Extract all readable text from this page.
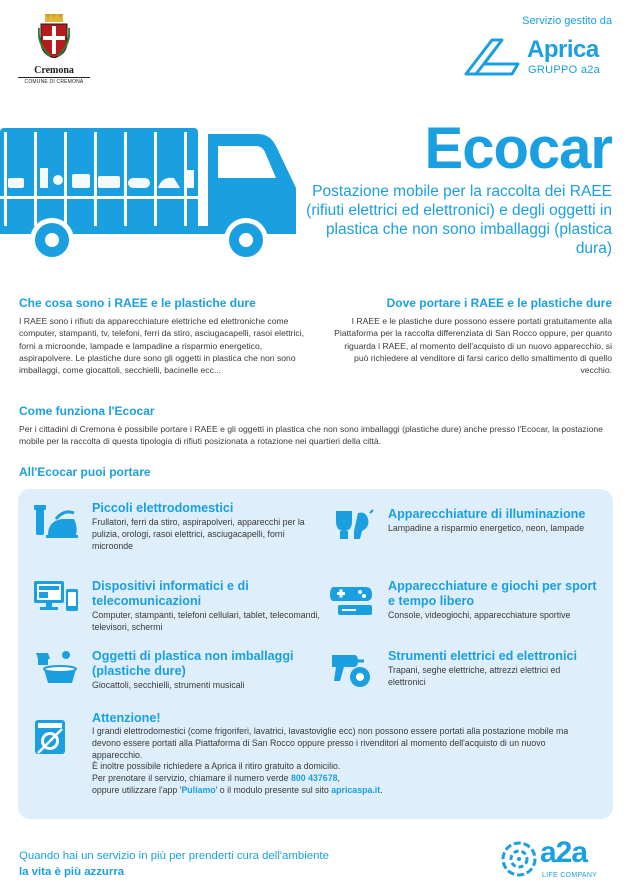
Cremona
COMUNE DI CREMONA
Servizio gestito da
Aprica
GRUPPO a2a
Ecocar
Postazione mobile per la raccolta dei RAEE (rifiuti elettrici ed elettronici) e degli oggetti in plastica che non sono imballaggi (plastica dura)
Che cosa sono i RAEE e le plastiche dure
I RAEE sono i rifiuti da apparecchiature elettriche ed elettroniche come computer, stampanti, tv, telefoni, ferri da stiro, asciugacapelli, rasoi elettrici, forni a microonde, lampade e lampadine a risparmio energetico, aspirapolvere. Le plastiche dure sono gli oggetti in plastica che non sono imballaggi, come giocattoli, secchielli, bacinelle ecc...
Dove portare i RAEE e le plastiche dure
I RAEE e le plastiche dure possono essere portati gratuitamente alla Piattaforma per la raccolta differenziata di San Rocco oppure, per quanto riguarda i RAEE, al momento dell'acquisto di un nuovo apparecchio, si può richiedere al venditore di farsi carico dello smaltimento di quello vecchio.
Come funziona l'Ecocar
Per i cittadini di Cremona è possibile portare i RAEE e gli oggetti in plastica che non sono imballaggi (plastiche dure) anche presso l'Ecocar, la postazione mobile per la raccolta di questa tipologia di rifiuti posizionata a rotazione nei quartieri della città.
All'Ecocar puoi portare
Piccoli elettrodomestici
Frullatori, ferri da stiro, aspirapolveri, apparecchi per la pulizia, orologi, rasoi elettrici, asciugacapelli, forni microonde
Apparecchiature di illuminazione
Lampadine a risparmio energetico, neon, lampade
Dispositivi informatici e di telecomunicazioni
Computer, stampanti, telefoni cellulari, tablet, telecomandi, televisori, schermi
Apparecchiature e giochi per sport e tempo libero
Console, videogiochi, apparecchiature sportive
Oggetti di plastica non imballaggi (plastiche dure)
Giocattoli, secchielli, strumenti musicali
Strumenti elettrici ed elettronici
Trapani, seghe elettriche, attrezzi elettrici ed elettronici
Attenzione!
I grandi elettrodomestici (come frigoriferi, lavatrici, lavastoviglie ecc) non possono essere portati alla postazione mobile ma devono essere portati alla Piattaforma di San Rocco oppure presso i rivenditori al momento dell'acquisto di un nuovo apparecchio.
È inoltre possibile richiedere a Aprica il ritiro gratuito a domicilio.
Per prenotare il servizio, chiamare il numero verde 800 437678,
oppure utilizzare l'app 'Puliamo' o il modulo presente sul sito apricaspa.it.
Quando hai un servizio in più per prenderti cura dell'ambiente
la vita è più azzurra
a2a
LIFE COMPANY
